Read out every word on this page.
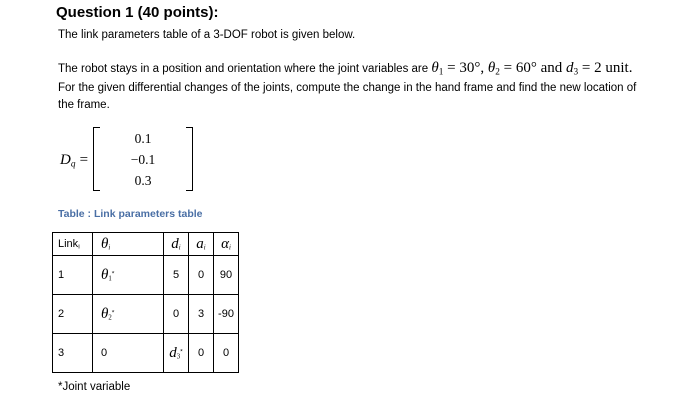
Question 1 (40 points):
The link parameters table of a 3-DOF robot is given below.
The robot stays in a position and orientation where the joint variables are $\theta_1 = 30^\circ$, $\theta_2 = 60^\circ$ and $d_3 = 2$ unit.
For the given differential changes of the joints, compute the change in the hand frame and find the new location of
the frame.
$D_q$ =
0.1
−0.1
0.3
Table : Link parameters table
Link$_i$	$\theta_i$	$d_i$	$a_i$	$\alpha_i$
1	$\theta_1^*$	5	0	90
2	$\theta_2^*$	0	3	-90
3	0	$d_3^*$	0	0
*Joint variable
